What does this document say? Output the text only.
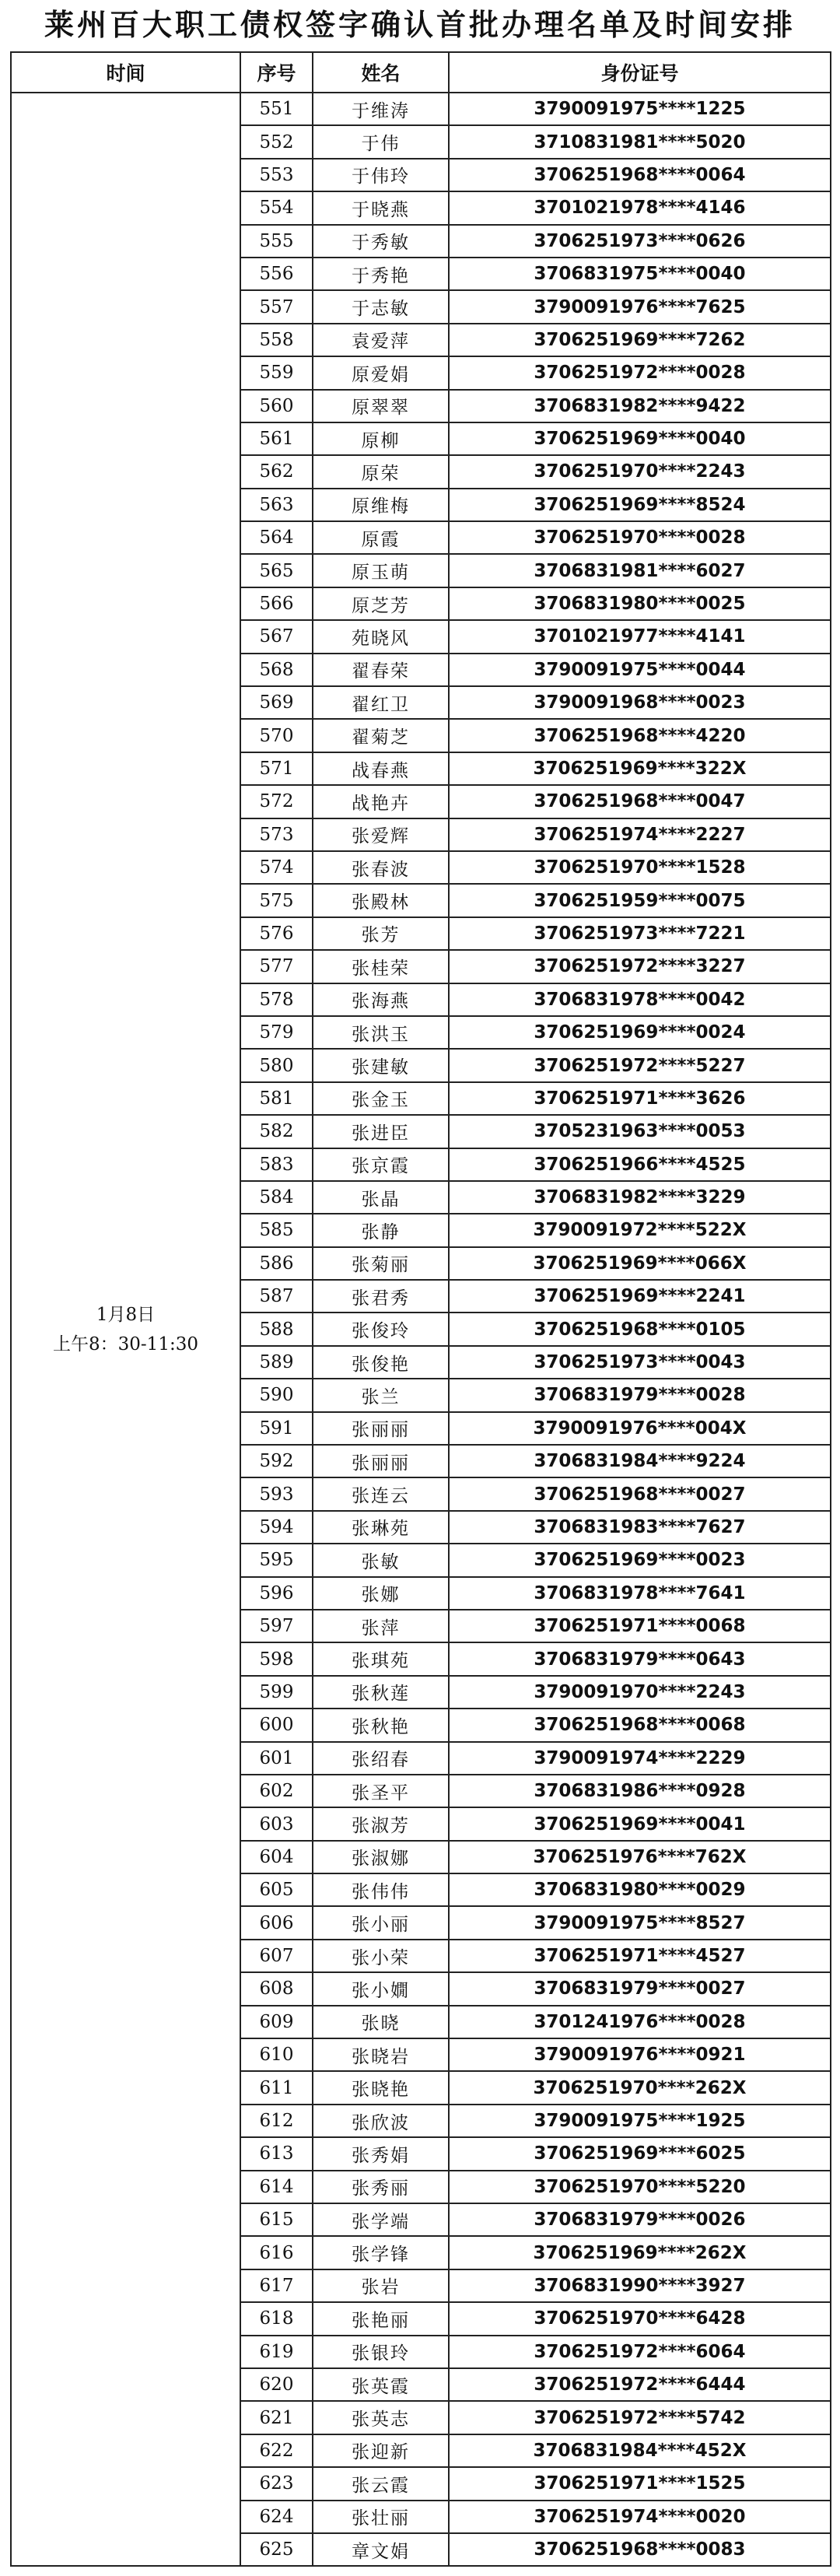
莱州百大职工债权签字确认首批办理名单及时间安排
时间	序号	姓名	身份证号

1月8日
上午8：30-11:30	551	于维涛	3790091975****1225
	552	于伟	3710831981****5020
	553	于伟玲	3706251968****0064
	554	于晓燕	3701021978****4146
	555	于秀敏	3706251973****0626
	556	于秀艳	3706831975****0040
	557	于志敏	3790091976****7625
	558	袁爱萍	3706251969****7262
	559	原爱娟	3706251972****0028
	560	原翠翠	3706831982****9422
	561	原柳	3706251969****0040
	562	原荣	3706251970****2243
	563	原维梅	3706251969****8524
	564	原霞	3706251970****0028
	565	原玉萌	3706831981****6027
	566	原芝芳	3706831980****0025
	567	苑晓风	3701021977****4141
	568	翟春荣	3790091975****0044
	569	翟红卫	3790091968****0023
	570	翟菊芝	3706251968****4220
	571	战春燕	3706251969****322X
	572	战艳卉	3706251968****0047
	573	张爱辉	3706251974****2227
	574	张春波	3706251970****1528
	575	张殿林	3706251959****0075
	576	张芳	3706251973****7221
	577	张桂荣	3706251972****3227
	578	张海燕	3706831978****0042
	579	张洪玉	3706251969****0024
	580	张建敏	3706251972****5227
	581	张金玉	3706251971****3626
	582	张进臣	3705231963****0053
	583	张京霞	3706251966****4525
	584	张晶	3706831982****3229
	585	张静	3790091972****522X
	586	张菊丽	3706251969****066X
	587	张君秀	3706251969****2241
	588	张俊玲	3706251968****0105
	589	张俊艳	3706251973****0043
	590	张兰	3706831979****0028
	591	张丽丽	3790091976****004X
	592	张丽丽	3706831984****9224
	593	张连云	3706251968****0027
	594	张琳苑	3706831983****7627
	595	张敏	3706251969****0023
	596	张娜	3706831978****7641
	597	张萍	3706251971****0068
	598	张琪苑	3706831979****0643
	599	张秋莲	3790091970****2243
	600	张秋艳	3706251968****0068
	601	张绍春	3790091974****2229
	602	张圣平	3706831986****0928
	603	张淑芳	3706251969****0041
	604	张淑娜	3706251976****762X
	605	张伟伟	3706831980****0029
	606	张小丽	3790091975****8527
	607	张小荣	3706251971****4527
	608	张小嫺	3706831979****0027
	609	张晓	3701241976****0028
	610	张晓岩	3790091976****0921
	611	张晓艳	3706251970****262X
	612	张欣波	3790091975****1925
	613	张秀娟	3706251969****6025
	614	张秀丽	3706251970****5220
	615	张学端	3706831979****0026
	616	张学锋	3706251969****262X
	617	张岩	3706831990****3927
	618	张艳丽	3706251970****6428
	619	张银玲	3706251972****6064
	620	张英霞	3706251972****6444
	621	张英志	3706251972****5742
	622	张迎新	3706831984****452X
	623	张云霞	3706251971****1525
	624	张壮丽	3706251974****0020
	625	章文娟	3706251968****0083
